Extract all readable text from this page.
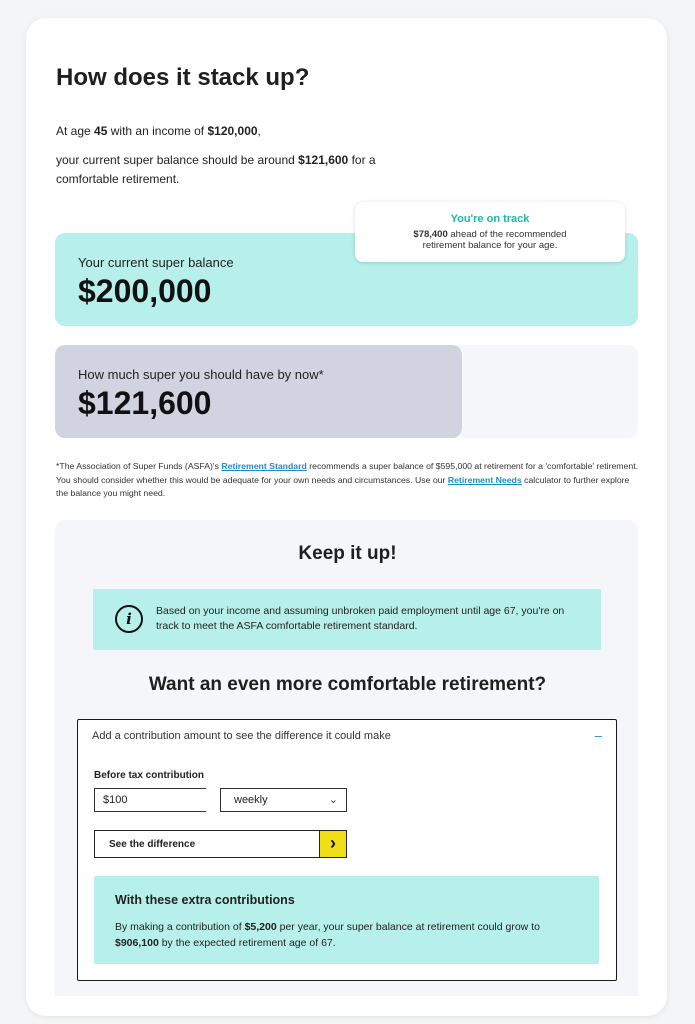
How does it stack up?

At age 45 with an income of $120,000,

your current super balance should be around $121,600 for a comfortable retirement.

Your current super balance
$200,000
You're on track
$78,400 ahead of the recommended retirement balance for your age.
How much super you should have by now*
$121,600

*The Association of Super Funds (ASFA)'s Retirement Standard recommends a super balance of $595,000 at retirement for a 'comfortable' retirement. You should consider whether this would be adequate for your own needs and circumstances. Use our Retirement Needs calculator to further explore the balance you might need.

Keep it up!
i	Based on your income and assuming unbroken paid employment until age 67, you're on track to meet the ASFA comfortable retirement standard.
Want an even more comfortable retirement?
Add a contribution amount to see the difference it could make	–
Before tax contribution
$100
weekly	⌄
See the difference	›
With these extra contributions
By making a contribution of $5,200 per year, your super balance at retirement could grow to $906,100 by the expected retirement age of 67.
